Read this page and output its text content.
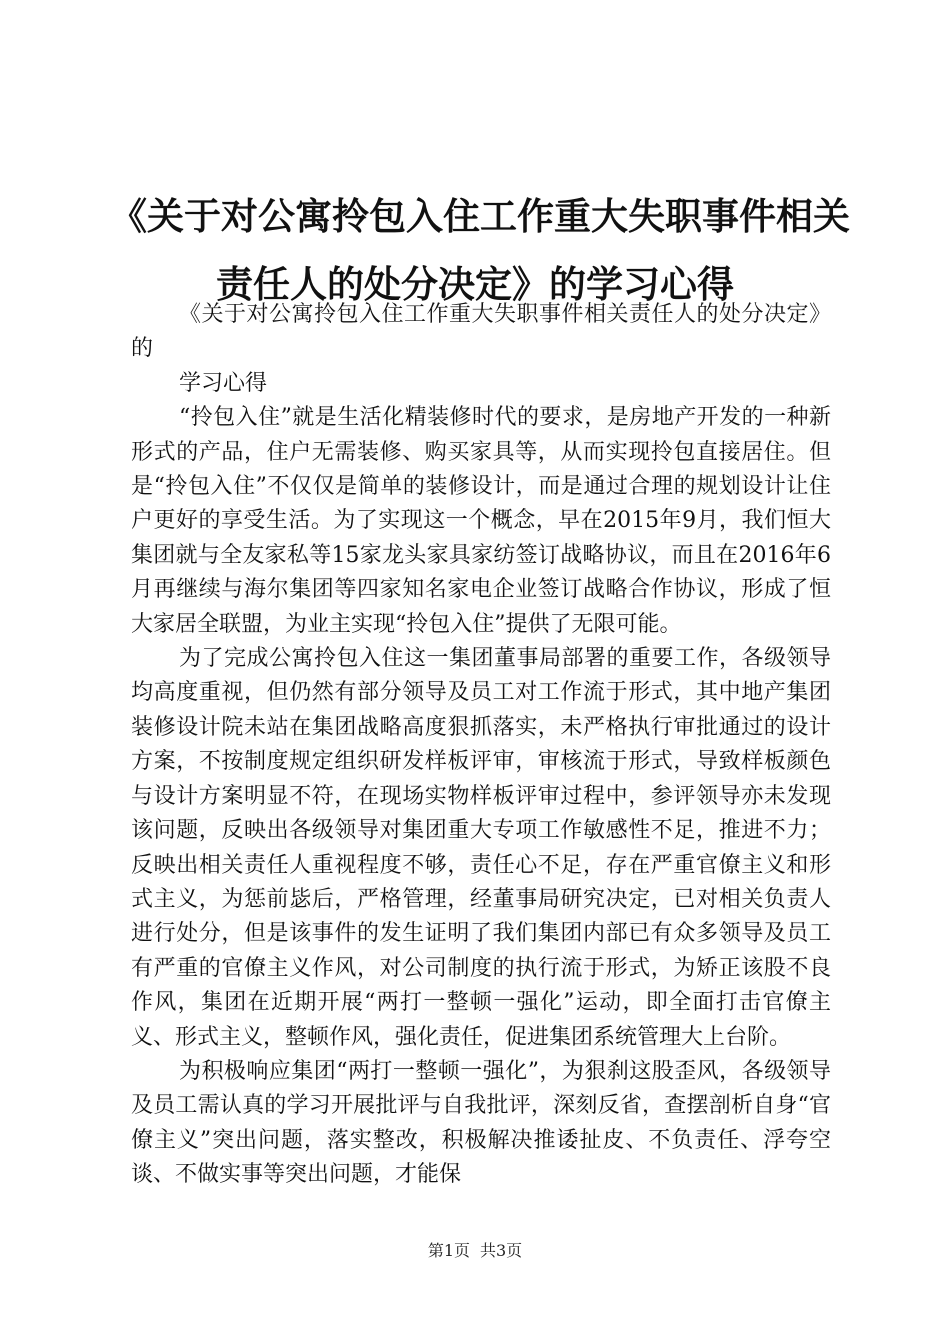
《关于对公寓拎包入住工作重大失职事件相关
责任人的处分决定》的学习心得

《关于对公寓拎包入住工作重大失职事件相关责任人的处分决定》的

学习心得

“拎包入住”就是生活化精装修时代的要求，是房地产开发的一种新形式的产品，住户无需装修、购买家具等，从而实现拎包直接居住。但是“拎包入住”不仅仅是简单的装修设计，而是通过合理的规划设计让住户更好的享受生活。为了实现这一个概念，早在2015年9月，我们恒大集团就与全友家私等15家龙头家具家纺签订战略协议，而且在2016年6月再继续与海尔集团等四家知名家电企业签订战略合作协议，形成了恒大家居全联盟，为业主实现“拎包入住”提供了无限可能。

为了完成公寓拎包入住这一集团董事局部署的重要工作，各级领导均高度重视，但仍然有部分领导及员工对工作流于形式，其中地产集团装修设计院未站在集团战略高度狠抓落实，未严格执行审批通过的设计方案，不按制度规定组织研发样板评审，审核流于形式，导致样板颜色与设计方案明显不符，在现场实物样板评审过程中，参评领导亦未发现该问题，反映出各级领导对集团重大专项工作敏感性不足，推进不力；反映出相关责任人重视程度不够，责任心不足，存在严重官僚主义和形式主义，为惩前毖后，严格管理，经董事局研究决定，已对相关负责人进行处分，但是该事件的发生证明了我们集团内部已有众多领导及员工有严重的官僚主义作风，对公司制度的执行流于形式，为矫正该股不良作风，集团在近期开展“两打一整顿一强化”运动，即全面打击官僚主义、形式主义，整顿作风，强化责任，促进集团系统管理大上台阶。

为积极响应集团“两打一整顿一强化”，为狠刹这股歪风，各级领导及员工需认真的学习开展批评与自我批评，深刻反省，查摆剖析自身“官僚主义”突出问题，落实整改，积极解决推诿扯皮、不负责任、浮夸空谈、不做实事等突出问题，才能保

第1页 共3页
